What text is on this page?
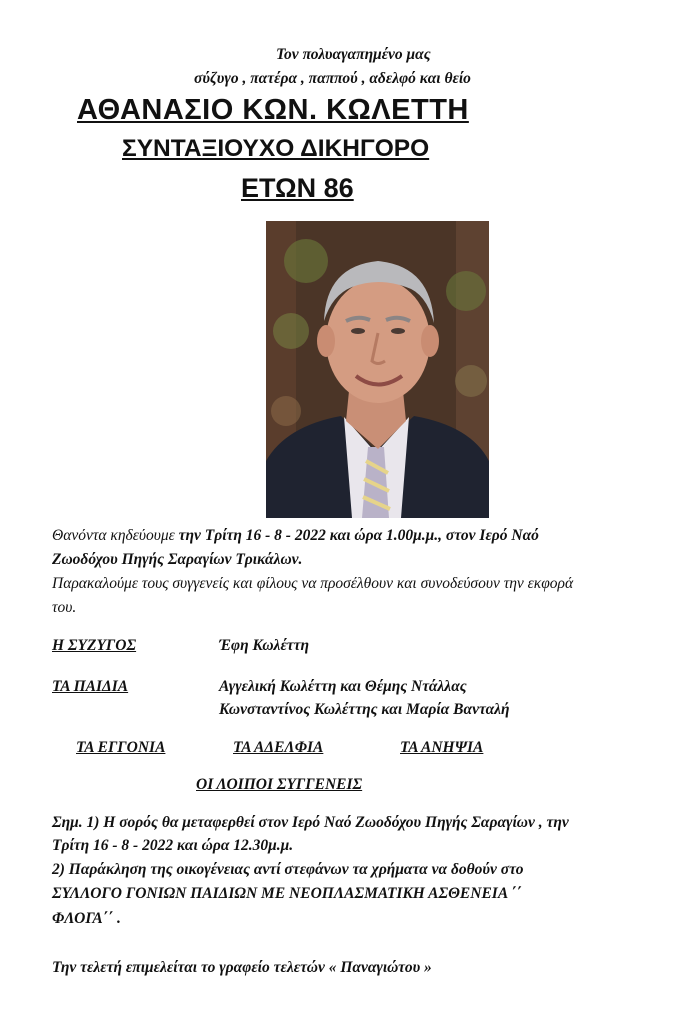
Τον πολυαγαπημένο μας
σύζυγο , πατέρα , παππού , αδελφό και θείο
ΑΘΑΝΑΣΙΟ ΚΩΝ. ΚΩΛΕΤΤΗ
ΣΥΝΤΑΞΙΟΥΧΟ ΔΙΚΗΓΟΡΟ
ΕΤΩΝ 86
Θανόντα κηδεύουμε την Τρίτη 16 - 8 - 2022 και ώρα 1.00μ.μ., στον Ιερό Ναό
Ζωοδόχου Πηγής Σαραγίων Τρικάλων.
Παρακαλούμε τους συγγενείς και φίλους να προσέλθουν και συνοδεύσουν την εκφορά
του.
Η ΣΥΖΥΓΟΣ	Έφη Κωλέττη
ΤΑ ΠΑΙΔΙΑ	Αγγελική Κωλέττη και Θέμης Ντάλλας
Κωνσταντίνος Κωλέττης και Μαρία Βανταλή
ΤΑ ΕΓΓΟΝΙΑ	ΤΑ ΑΔΕΛΦΙΑ	ΤΑ ΑΝΗΨΙΑ
ΟΙ ΛΟΙΠΟΙ ΣΥΓΓΕΝΕΙΣ
Σημ. 1) Η σορός θα μεταφερθεί στον Ιερό Ναό Ζωοδόχου Πηγής Σαραγίων , την
Τρίτη 16 - 8 - 2022 και ώρα 12.30μ.μ.
2) Παράκληση της οικογένειας αντί στεφάνων τα χρήματα να δοθούν στο
ΣΥΛΛΟΓΟ ΓΟΝΙΩΝ ΠΑΙΔΙΩΝ ΜΕ ΝΕΟΠΛΑΣΜΑΤΙΚΗ ΑΣΘΕΝΕΙΑ ΄΄
ΦΛΟΓΑ΄΄ .
Την τελετή επιμελείται το γραφείο τελετών « Παναγιώτου »
